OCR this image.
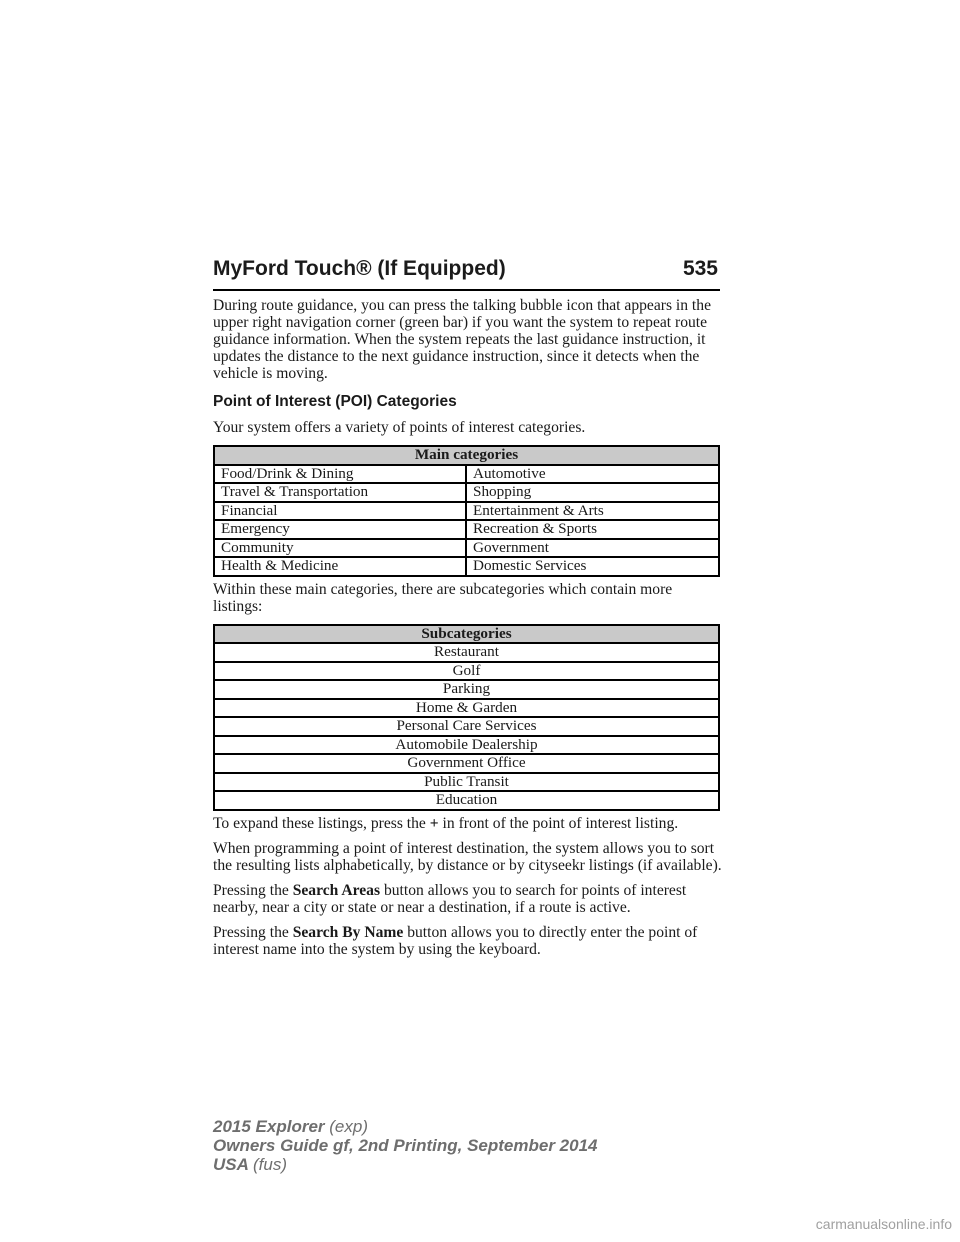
MyFord Touch® (If Equipped)	535

During route guidance, you can press the talking bubble icon that appears in the upper right navigation corner (green bar) if you want the system to repeat route guidance information. When the system repeats the last guidance instruction, it updates the distance to the next guidance instruction, since it detects when the vehicle is moving.

Point of Interest (POI) Categories

Your system offers a variety of points of interest categories.

Main categories	
Food/Drink & Dining	Automotive
Travel & Transportation	Shopping
Financial	Entertainment & Arts
Emergency	Recreation & Sports
Community	Government
Health & Medicine	Domestic Services

Within these main categories, there are subcategories which contain more listings:

Subcategories
Restaurant
Golf
Parking
Home & Garden
Personal Care Services
Automobile Dealership
Government Office
Public Transit
Education

To expand these listings, press the + in front of the point of interest listing.

When programming a point of interest destination, the system allows you to sort the resulting lists alphabetically, by distance or by cityseekr listings (if available).

Pressing the Search Areas button allows you to search for points of interest nearby, near a city or state or near a destination, if a route is active.

Pressing the Search By Name button allows you to directly enter the point of interest name into the system by using the keyboard.

2015 Explorer (exp)
Owners Guide gf, 2nd Printing, September 2014
USA (fus)
carmanualsonline.info
